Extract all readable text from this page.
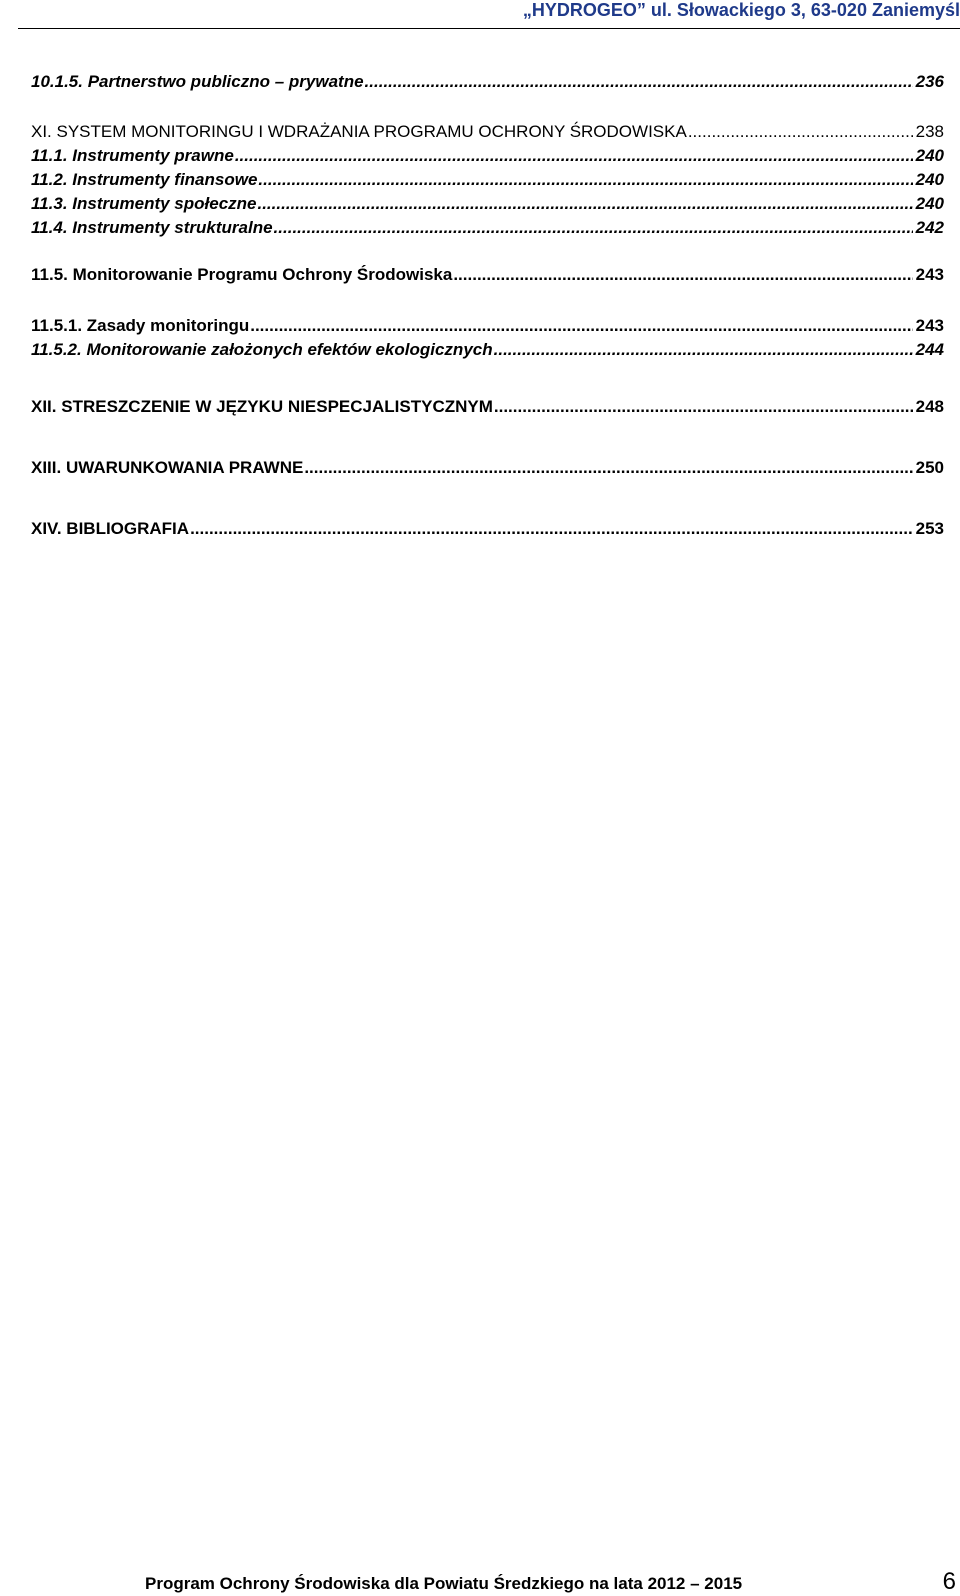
„HYDROGEO” ul. Słowackiego 3, 63-020 Zaniemyśl
10.1.5. Partnerstwo publiczno – prywatne .....	236
XI. SYSTEM MONITORINGU I WDRAŻANIA PROGRAMU OCHRONY ŚRODOWISKA .....	238
11.1. Instrumenty prawne .....	240
11.2. Instrumenty finansowe .....	240
11.3. Instrumenty społeczne .....	240
11.4. Instrumenty strukturalne .....	242
11.5. Monitorowanie Programu Ochrony Środowiska .....	243
11.5.1. Zasady monitoringu .....	243
11.5.2. Monitorowanie założonych efektów ekologicznych .....	244
XII. STRESZCZENIE W JĘZYKU NIESPECJALISTYCZNYM .....	248
XIII. UWARUNKOWANIA PRAWNE .....	250
XIV. BIBLIOGRAFIA .....	253
Program Ochrony Środowiska dla Powiatu Średzkiego na lata 2012 – 2015	6
